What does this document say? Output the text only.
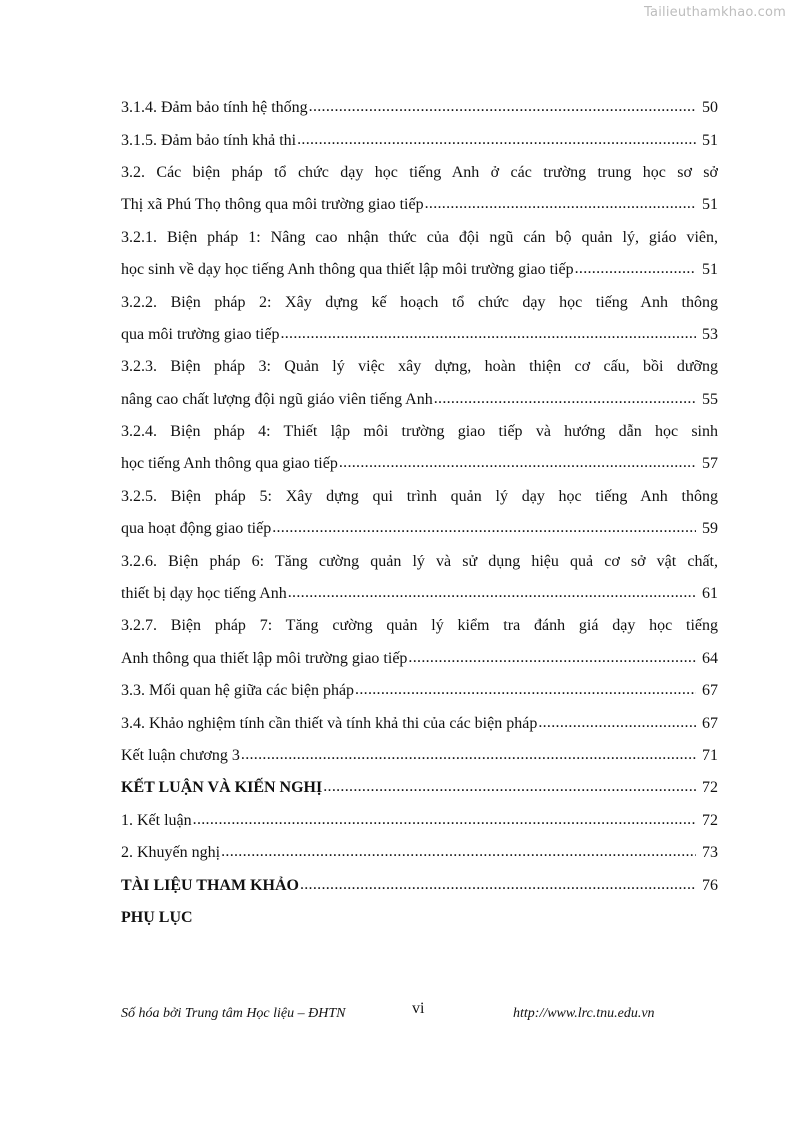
Tailieuthamkhao.com
3.1.4. Đảm bảo tính hệ thống .....	50
3.1.5. Đảm bảo tính khả thi .....	51
3.2. Các biện pháp tổ chức dạy học tiếng Anh ở các trường trung học sơ sở
Thị xã Phú Thọ thông qua môi trường giao tiếp .....	51
3.2.1. Biện pháp 1: Nâng cao nhận thức của đội ngũ cán bộ quản lý, giáo viên,
học sinh về dạy học tiếng Anh thông qua thiết lập môi trường giao tiếp .....	51
3.2.2. Biện pháp 2: Xây dựng kế hoạch tổ chức dạy học tiếng Anh thông
qua môi trường giao tiếp .....	53
3.2.3. Biện pháp 3: Quản lý việc xây dựng, hoàn thiện cơ cấu, bồi dưỡng
nâng cao chất lượng đội ngũ giáo viên tiếng Anh .....	55
3.2.4. Biện pháp 4: Thiết lập môi trường giao tiếp và hướng dẫn học sinh
học tiếng Anh thông qua giao tiếp .....	57
3.2.5. Biện pháp 5: Xây dựng qui trình quản lý dạy học tiếng Anh thông
qua hoạt động giao tiếp .....	59
3.2.6. Biện pháp 6: Tăng cường quản lý và sử dụng hiệu quả cơ sở vật chất,
thiết bị dạy học tiếng Anh .....	61
3.2.7. Biện pháp 7: Tăng cường quản lý kiểm tra đánh giá dạy học tiếng
Anh thông qua thiết lập môi trường giao tiếp .....	64
3.3. Mối quan hệ giữa các biện pháp .....	67
3.4. Khảo nghiệm tính cần thiết và tính khả thi của các biện pháp .....	67
Kết luận chương 3 .....	71
KẾT LUẬN VÀ KIẾN NGHỊ .....	72
1. Kết luận .....	72
2. Khuyến nghị .....	73
TÀI LIỆU THAM KHẢO .....	76
PHỤ LỤC
Số hóa bởi Trung tâm Học liệu – ĐHTN	vi	http://www.lrc.tnu.edu.vn
